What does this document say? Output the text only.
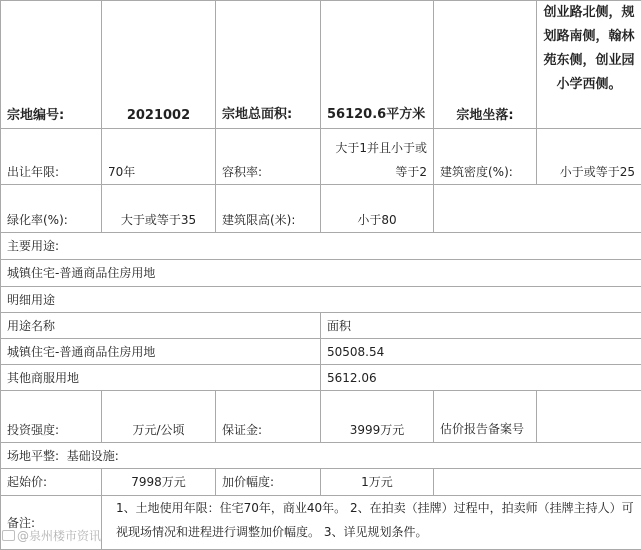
宗地编号:	2021002	宗地总面积:	56120.6平方米	宗地坐落:	创业路北侧，规划路南侧，翰林苑东侧，创业园小学西侧。
出让年限:	70年	容积率:	大于1并且小于或等于2	建筑密度(%):	小于或等于25
绿化率(%):	大于或等于35	建筑限高(米):	小于80		
主要用途:					
城镇住宅-普通商品住房用地					
明细用途					
用途名称			面积		
城镇住宅-普通商品住房用地			50508.54		
其他商服用地			5612.06		
投资强度:	万元/公顷	保证金:	3999万元	估价报告备案号	
场地平整: 基础设施:					
起始价:	7998万元	加价幅度:	1万元		
备注:	1、土地使用年限：住宅70年，商业40年。 2、在拍卖（挂牌）过程中，拍卖师（挂牌主持人）可视现场情况和进程进行调整加价幅度。 3、详见规划条件。				
@泉州楼市资讯
